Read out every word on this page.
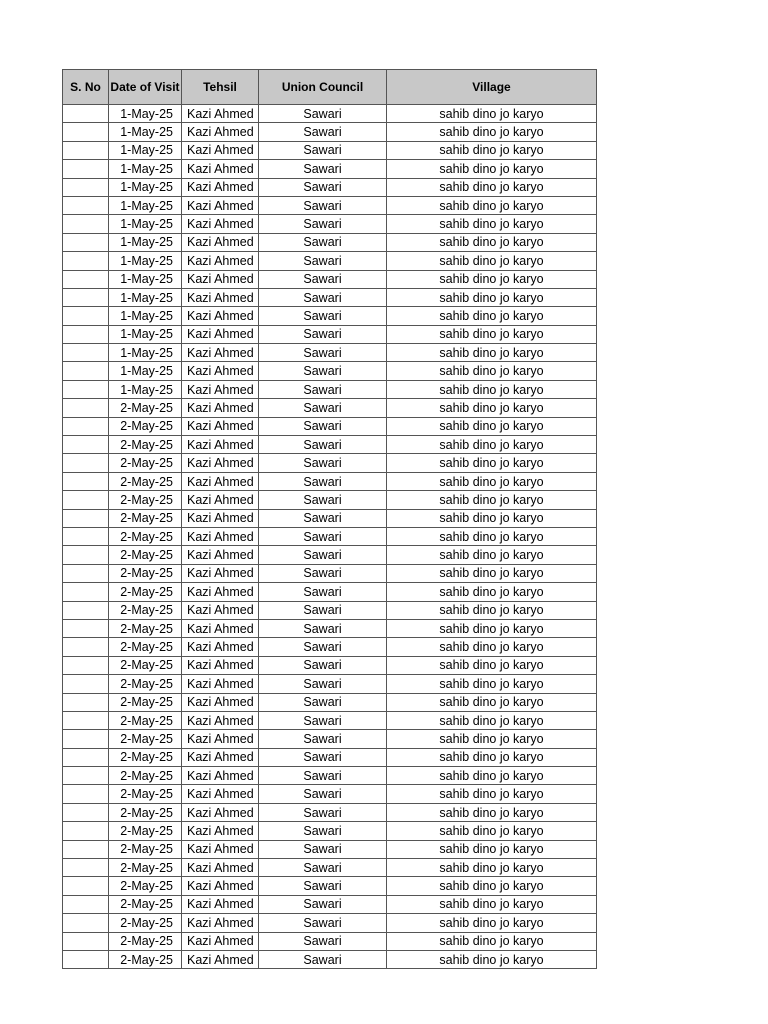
S. No	Date of Visit	Tehsil	Union Council	Village
	1-May-25	Kazi Ahmed	Sawari	sahib dino jo karyo
	1-May-25	Kazi Ahmed	Sawari	sahib dino jo karyo
	1-May-25	Kazi Ahmed	Sawari	sahib dino jo karyo
	1-May-25	Kazi Ahmed	Sawari	sahib dino jo karyo
	1-May-25	Kazi Ahmed	Sawari	sahib dino jo karyo
	1-May-25	Kazi Ahmed	Sawari	sahib dino jo karyo
	1-May-25	Kazi Ahmed	Sawari	sahib dino jo karyo
	1-May-25	Kazi Ahmed	Sawari	sahib dino jo karyo
	1-May-25	Kazi Ahmed	Sawari	sahib dino jo karyo
	1-May-25	Kazi Ahmed	Sawari	sahib dino jo karyo
	1-May-25	Kazi Ahmed	Sawari	sahib dino jo karyo
	1-May-25	Kazi Ahmed	Sawari	sahib dino jo karyo
	1-May-25	Kazi Ahmed	Sawari	sahib dino jo karyo
	1-May-25	Kazi Ahmed	Sawari	sahib dino jo karyo
	1-May-25	Kazi Ahmed	Sawari	sahib dino jo karyo
	1-May-25	Kazi Ahmed	Sawari	sahib dino jo karyo
	2-May-25	Kazi Ahmed	Sawari	sahib dino jo karyo
	2-May-25	Kazi Ahmed	Sawari	sahib dino jo karyo
	2-May-25	Kazi Ahmed	Sawari	sahib dino jo karyo
	2-May-25	Kazi Ahmed	Sawari	sahib dino jo karyo
	2-May-25	Kazi Ahmed	Sawari	sahib dino jo karyo
	2-May-25	Kazi Ahmed	Sawari	sahib dino jo karyo
	2-May-25	Kazi Ahmed	Sawari	sahib dino jo karyo
	2-May-25	Kazi Ahmed	Sawari	sahib dino jo karyo
	2-May-25	Kazi Ahmed	Sawari	sahib dino jo karyo
	2-May-25	Kazi Ahmed	Sawari	sahib dino jo karyo
	2-May-25	Kazi Ahmed	Sawari	sahib dino jo karyo
	2-May-25	Kazi Ahmed	Sawari	sahib dino jo karyo
	2-May-25	Kazi Ahmed	Sawari	sahib dino jo karyo
	2-May-25	Kazi Ahmed	Sawari	sahib dino jo karyo
	2-May-25	Kazi Ahmed	Sawari	sahib dino jo karyo
	2-May-25	Kazi Ahmed	Sawari	sahib dino jo karyo
	2-May-25	Kazi Ahmed	Sawari	sahib dino jo karyo
	2-May-25	Kazi Ahmed	Sawari	sahib dino jo karyo
	2-May-25	Kazi Ahmed	Sawari	sahib dino jo karyo
	2-May-25	Kazi Ahmed	Sawari	sahib dino jo karyo
	2-May-25	Kazi Ahmed	Sawari	sahib dino jo karyo
	2-May-25	Kazi Ahmed	Sawari	sahib dino jo karyo
	2-May-25	Kazi Ahmed	Sawari	sahib dino jo karyo
	2-May-25	Kazi Ahmed	Sawari	sahib dino jo karyo
	2-May-25	Kazi Ahmed	Sawari	sahib dino jo karyo
	2-May-25	Kazi Ahmed	Sawari	sahib dino jo karyo
	2-May-25	Kazi Ahmed	Sawari	sahib dino jo karyo
	2-May-25	Kazi Ahmed	Sawari	sahib dino jo karyo
	2-May-25	Kazi Ahmed	Sawari	sahib dino jo karyo
	2-May-25	Kazi Ahmed	Sawari	sahib dino jo karyo
	2-May-25	Kazi Ahmed	Sawari	sahib dino jo karyo
